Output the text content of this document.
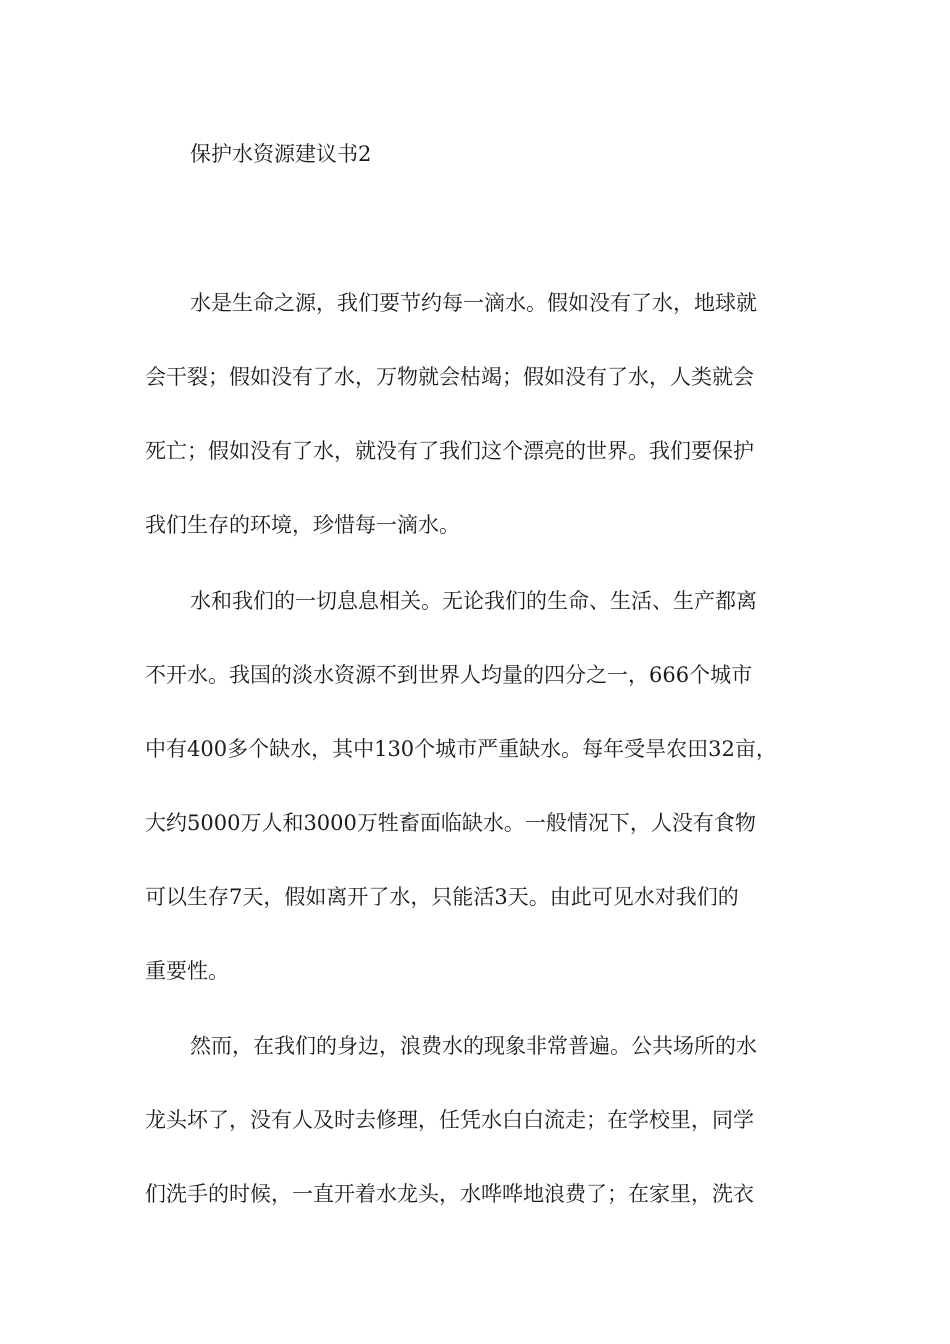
保护水资源建议书2
水是生命之源，我们要节约每一滴水。假如没有了水，地球就
会干裂；假如没有了水，万物就会枯竭；假如没有了水，人类就会
死亡；假如没有了水，就没有了我们这个漂亮的世界。我们要保护
我们生存的环境，珍惜每一滴水。
水和我们的一切息息相关。无论我们的生命、生活、生产都离
不开水。我国的淡水资源不到世界人均量的四分之一，666个城市
中有400多个缺水，其中130个城市严重缺水。每年受旱农田32亩，
大约5000万人和3000万牲畜面临缺水。一般情况下，人没有食物
可以生存7天，假如离开了水，只能活3天。由此可见水对我们的
重要性。
然而，在我们的身边，浪费水的现象非常普遍。公共场所的水
龙头坏了，没有人及时去修理，任凭水白白流走；在学校里，同学
们洗手的时候，一直开着水龙头，水哗哗地浪费了；在家里，洗衣
